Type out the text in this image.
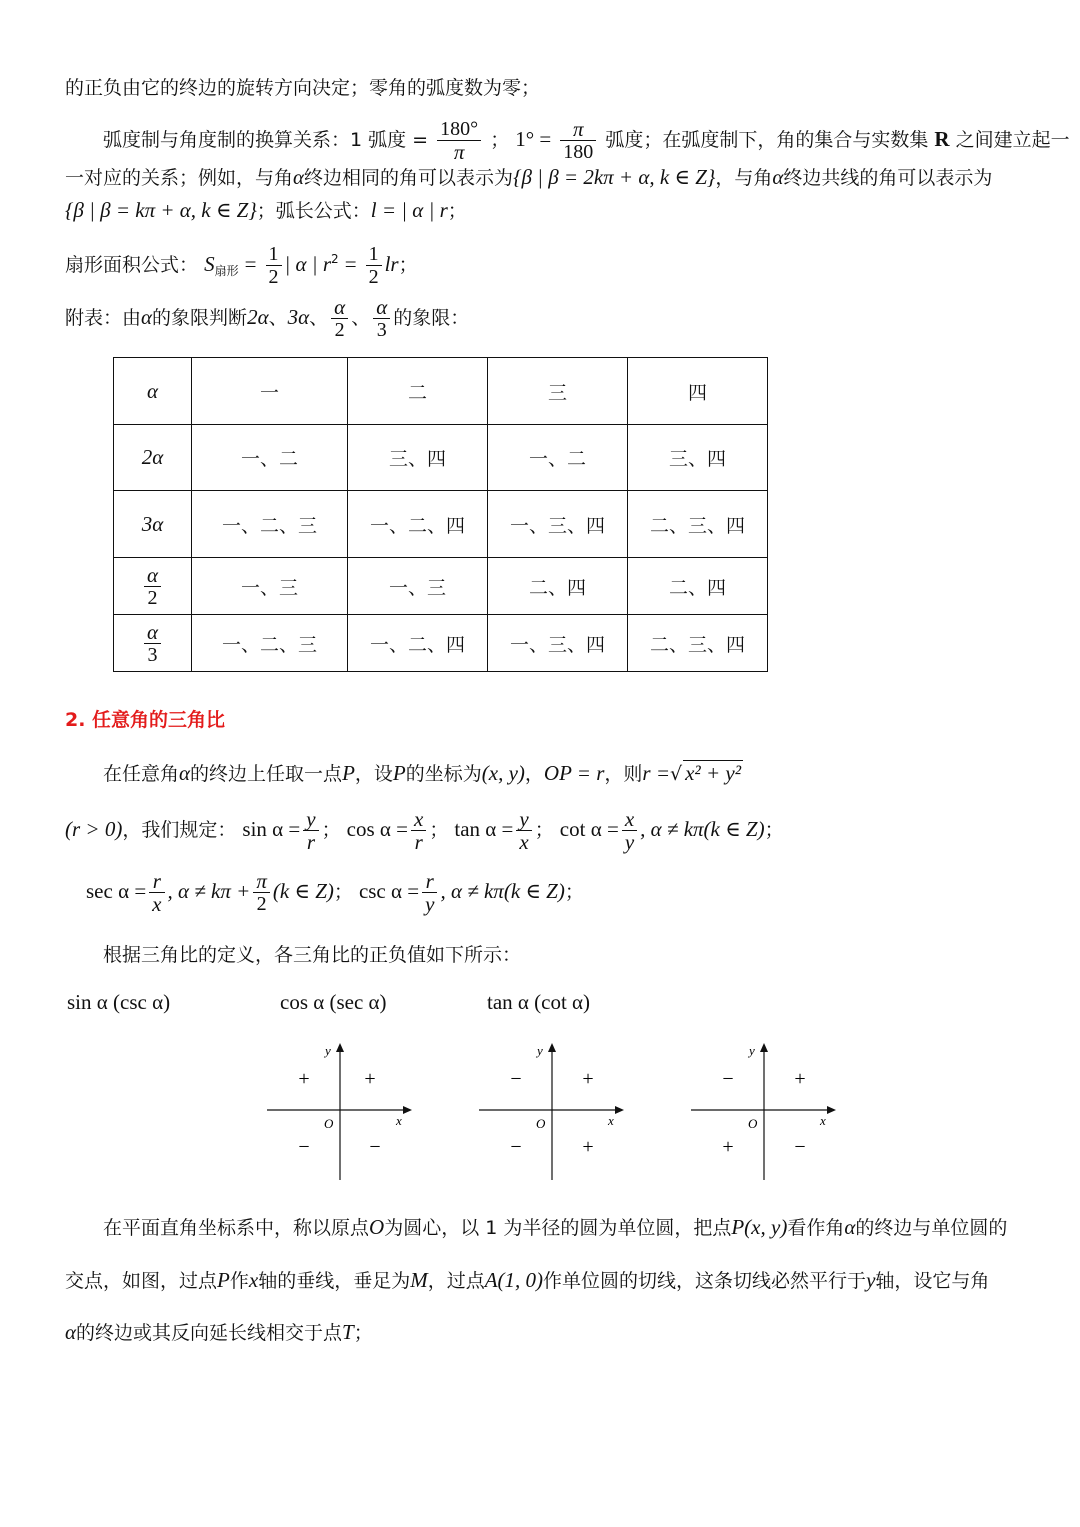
的正负由它的终边的旋转方向决定；零角的弧度数为零；
弧度制与角度制的换算关系：1 弧度 = $\frac{180^\circ}{\pi}$ ； $1^\circ = \frac{\pi}{180}$ 弧度；在弧度制下，角的集合与实数集 R 之间建立起一
一对应的关系；例如，与角α终边相同的角可以表示为{β | β = 2kπ + α, k ∈ Z}，与角α终边共线的角可以表示为
{β | β = kπ + α, k ∈ Z}；弧长公式：l = | α | r；
扇形面积公式： $S_{扇形} = \frac{1}{2}$ | α | $r^2 = \frac{1}{2}$ lr；
附表：由α的象限判断2α、3α、 $\frac{\alpha}{2}$ 、 $\frac{\alpha}{3}$ 的象限：
α	一	二	三	四
2α	一、二	三、四	一、二	三、四
3α	一、二、三	一、二、四	一、三、四	二、三、四

$\frac{\alpha}{2}$	一、三	一、三	二、四	二、四

$\frac{\alpha}{3}$	一、二、三	一、二、四	一、三、四	二、三、四
2. 任意角的三角比
在任意角α的终边上任取一点P，设P的坐标为(x, y)，OP = r，则r =√ x² + y²
(r > 0)，我们规定： $\sin \alpha = \frac{y}{r}$ ； $\cos \alpha = \frac{x}{r}$ ； $\tan \alpha = \frac{y}{x}$ ； $\cot \alpha = \frac{x}{y}$ , α ≠ kπ(k ∈ Z)；
$\sec \alpha = \frac{r}{x}$ , $\alpha \ne k\pi + \frac{\pi}{2} (k$ ∈ Z)； $\csc \alpha = \frac{r}{y}$ , α ≠ kπ(k ∈ Z)；
根据三角比的定义，各三角比的正负值如下所示：
sin α (csc α)	cos α (sec α)	tan α (cot α)
y
x
O
+
+
−	−
y
x
O
+
−
−	+
y
x
O
+
−
+	−
在平面直角坐标系中，称以原点O为圆心，以 1 为半径的圆为单位圆，把点P(x, y)看作角α的终边与单位圆的
交点，如图，过点P作x轴的垂线，垂足为M，过点A(1, 0)作单位圆的切线，这条切线必然平行于y轴，设它与角
α的终边或其反向延长线相交于点T；
